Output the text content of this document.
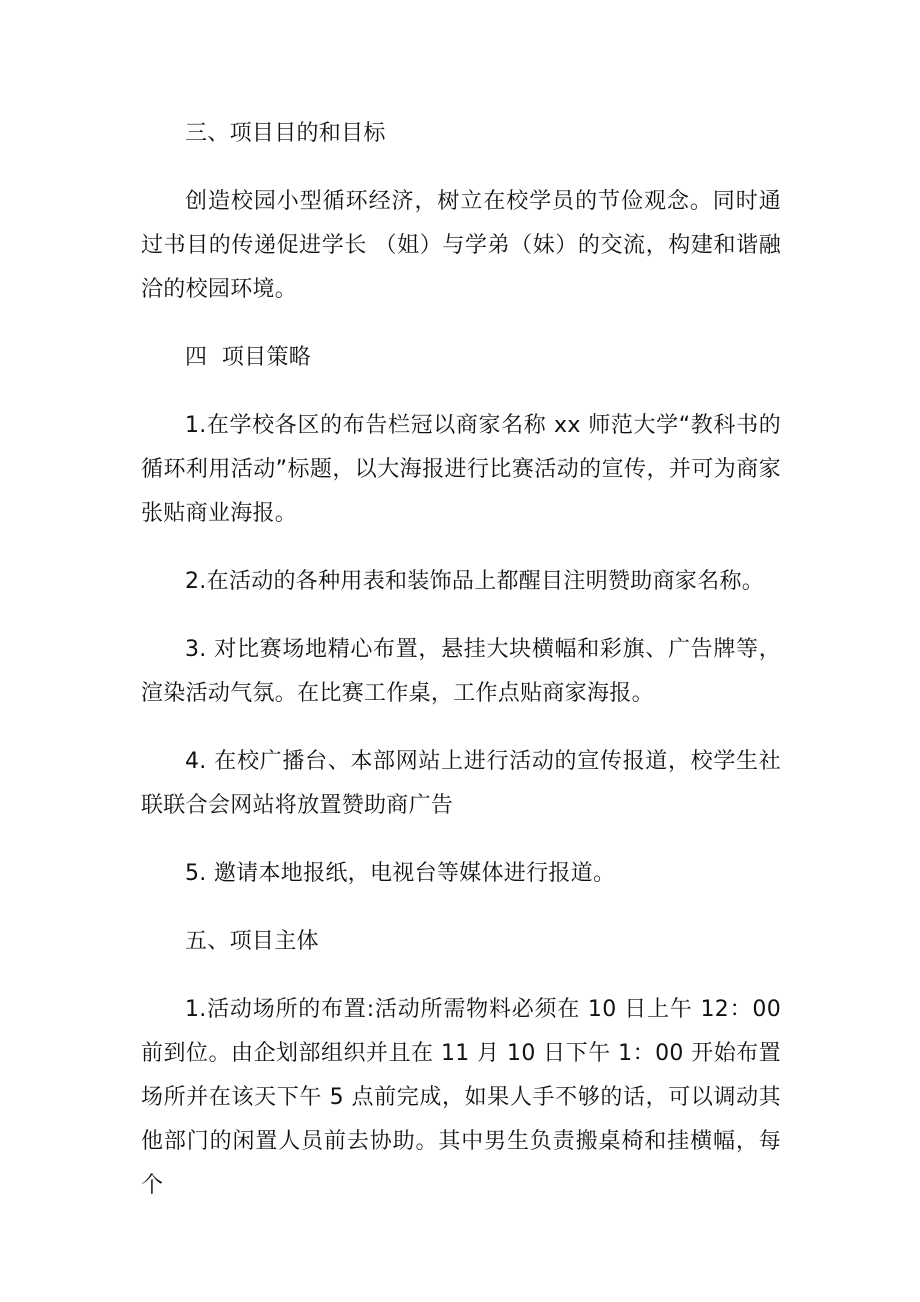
三、项目目的和目标

创造校园小型循环经济，树立在校学员的节俭观念。同时通过书目的传递促进学长 （姐）与学弟（妹）的交流，构建和谐融洽的校园环境。

四  项目策略

1.在学校各区的布告栏冠以商家名称 xx 师范大学“教科书的循环利用活动”标题，以大海报进行比赛活动的宣传，并可为商家张贴商业海报。

2.在活动的各种用表和装饰品上都醒目注明赞助商家名称。

3. 对比赛场地精心布置，悬挂大块横幅和彩旗、广告牌等，渲染活动气氛。在比赛工作桌，工作点贴商家海报。

4. 在校广播台、本部网站上进行活动的宣传报道，校学生社联联合会网站将放置赞助商广告

5. 邀请本地报纸，电视台等媒体进行报道。

五、项目主体

1.活动场所的布置:活动所需物料必须在 10 日上午 12：00前到位。由企划部组织并且在 11 月 10 日下午 1：00 开始布置场所并在该天下午 5 点前完成，如果人手不够的话，可以调动其他部门的闲置人员前去协助。其中男生负责搬桌椅和挂横幅，每个
